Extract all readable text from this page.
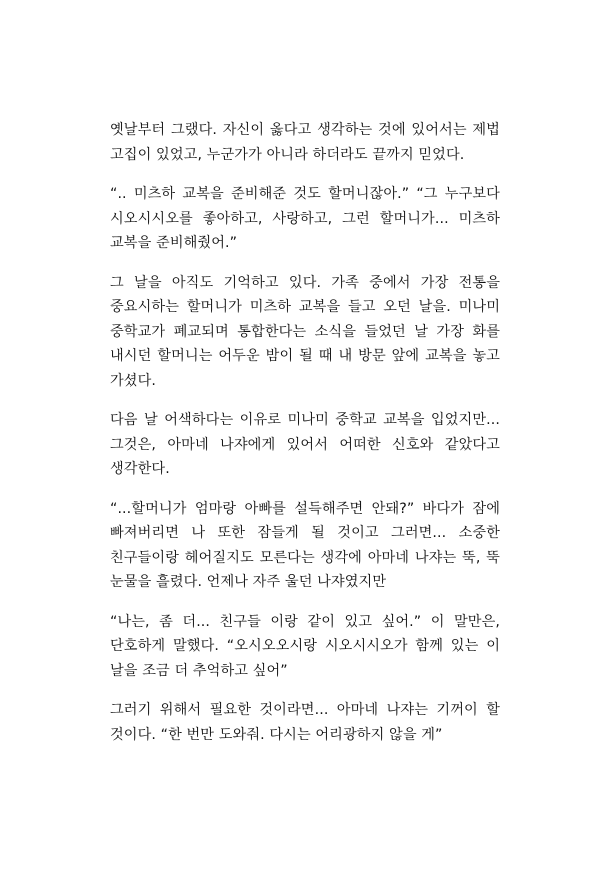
옛날부터 그랬다. 자신이 옳다고 생각하는 것에 있어서는 제법 고집이 있었고, 누군가가 아니라 하더라도 끝까지 믿었다.

“.. 미츠하 교복을 준비해준 것도 할머니잖아.” “그 누구보다 시오시시오를 좋아하고, 사랑하고, 그런 할머니가... 미츠하 교복을 준비해줬어.”

그 날을 아직도 기억하고 있다. 가족 중에서 가장 전통을 중요시하는 할머니가 미츠하 교복을 들고 오던 날을. 미나미 중학교가 폐교되며 통합한다는 소식을 들었던 날 가장 화를 내시던 할머니는 어두운 밤이 될 때 내 방문 앞에 교복을 놓고 가셨다.

다음 날 어색하다는 이유로 미나미 중학교 교복을 입었지만... 그것은, 아마네 나쟈에게 있어서 어떠한 신호와 같았다고 생각한다.

“...할머니가 엄마랑 아빠를 설득해주면 안돼?” 바다가 잠에 빠져버리면 나 또한 잠들게 될 것이고 그러면... 소중한 친구들이랑 헤어질지도 모른다는 생각에 아마네 나쟈는 뚝, 뚝 눈물을 흘렸다. 언제나 자주 울던 나쟈였지만

“나는, 좀 더... 친구들 이랑 같이 있고 싶어.” 이 말만은, 단호하게 말했다. “오시오오시랑 시오시시오가 함께 있는 이 날을 조금 더 추억하고 싶어”

그러기 위해서 필요한 것이라면... 아마네 나쟈는 기꺼이 할 것이다. “한 번만 도와줘. 다시는 어리광하지 않을 게”
